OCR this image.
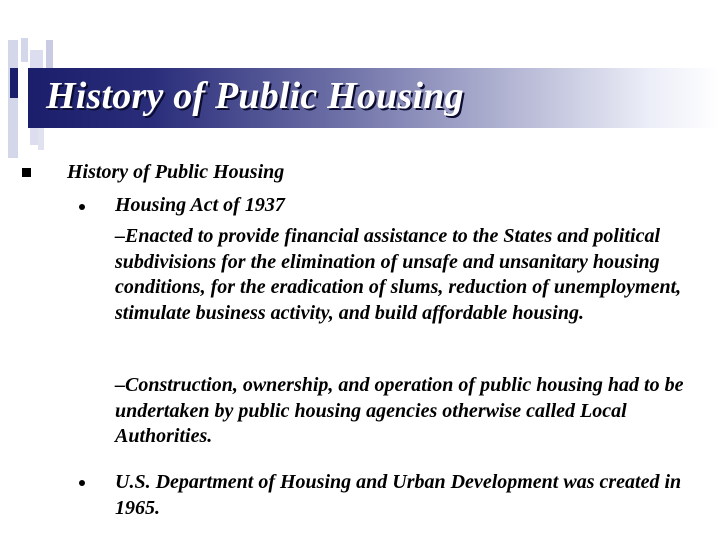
History of Public Housing

History of Public Housing

Housing Act of 1937

–Enacted to provide financial assistance to the States and political subdivisions for the elimination of unsafe and unsanitary housing conditions, for the eradication of slums, reduction of unemployment, stimulate business activity, and build affordable housing.

–Construction, ownership, and operation of public housing had to be undertaken by public housing agencies otherwise called Local Authorities.

U.S. Department of Housing and Urban Development was created in 1965.
